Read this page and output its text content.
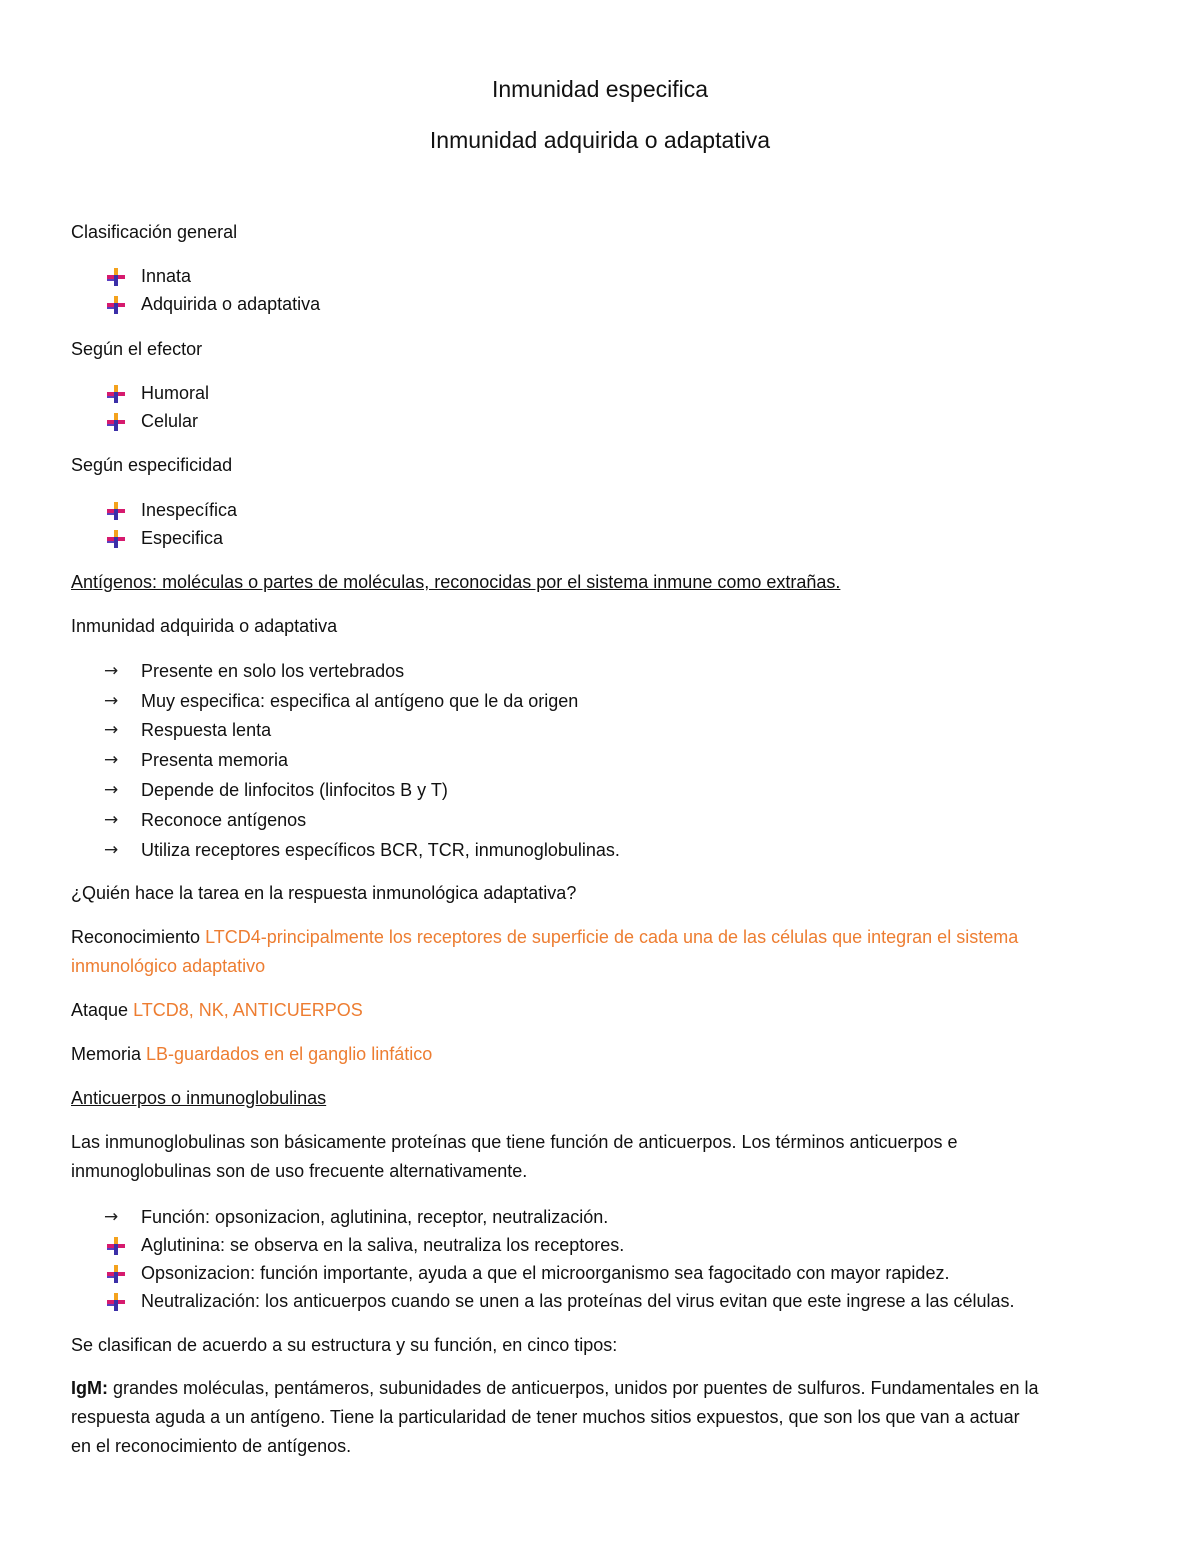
Inmunidad especifica
Inmunidad adquirida o adaptativa
Clasificación general
Innata
Adquirida o adaptativa
Según el efector
Humoral
Celular
Según especificidad
Inespecífica
Especifica
Antígenos: moléculas o partes de moléculas, reconocidas por el sistema inmune como extrañas.
Inmunidad adquirida o adaptativa
→	Presente en solo los vertebrados
→	Muy especifica: especifica al antígeno que le da origen
→	Respuesta lenta
→	Presenta memoria
→	Depende de linfocitos (linfocitos B y T)
→	Reconoce antígenos
→	Utiliza receptores específicos BCR, TCR, inmunoglobulinas.
¿Quién hace la tarea en la respuesta inmunológica adaptativa?
Reconocimiento LTCD4-principalmente los receptores de superficie de cada una de las células que integran el sistema
inmunológico adaptativo
Ataque LTCD8, NK, ANTICUERPOS
Memoria LB-guardados en el ganglio linfático
Anticuerpos o inmunoglobulinas
Las inmunoglobulinas son básicamente proteínas que tiene función de anticuerpos. Los términos anticuerpos e
inmunoglobulinas son de uso frecuente alternativamente.
→	Función: opsonizacion, aglutinina, receptor, neutralización.
Aglutinina: se observa en la saliva, neutraliza los receptores.
Opsonizacion: función importante, ayuda a que el microorganismo sea fagocitado con mayor rapidez.
Neutralización: los anticuerpos cuando se unen a las proteínas del virus evitan que este ingrese a las células.
Se clasifican de acuerdo a su estructura y su función, en cinco tipos:
IgM: grandes moléculas, pentámeros, subunidades de anticuerpos, unidos por puentes de sulfuros. Fundamentales en la
respuesta aguda a un antígeno. Tiene la particularidad de tener muchos sitios expuestos, que son los que van a actuar
en el reconocimiento de antígenos.
